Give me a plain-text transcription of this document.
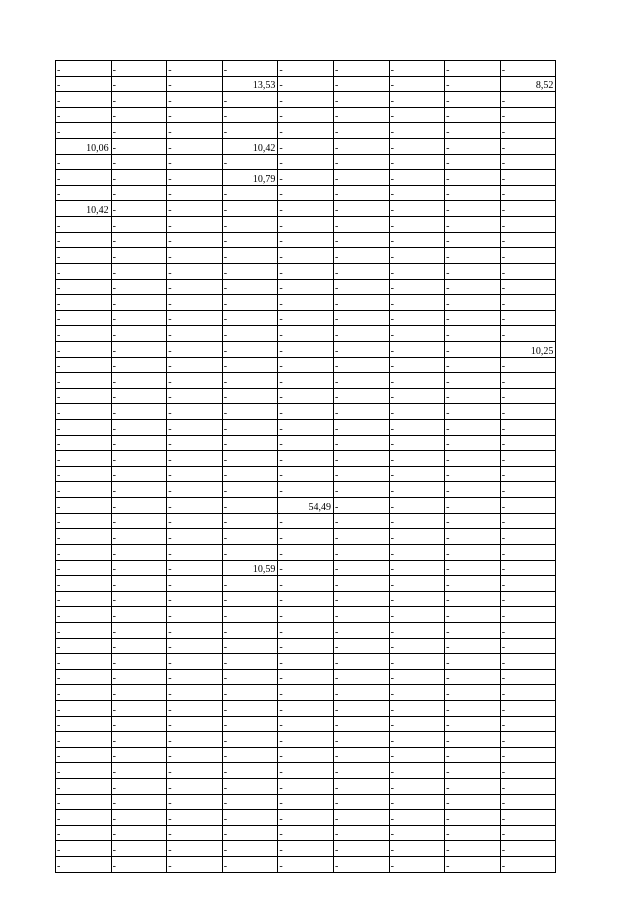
-	-	-	-	-	-	-	-	-
-	-	-	13,53	-	-	-	-	8,52
-	-	-	-	-	-	-	-	-
-	-	-	-	-	-	-	-	-
-	-	-	-	-	-	-	-	-
10,06	-	-	10,42	-	-	-	-	-
-	-	-	-	-	-	-	-	-
-	-	-	10,79	-	-	-	-	-
-	-	-	-	-	-	-	-	-
10,42	-	-	-	-	-	-	-	-
-	-	-	-	-	-	-	-	-
-	-	-	-	-	-	-	-	-
-	-	-	-	-	-	-	-	-
-	-	-	-	-	-	-	-	-
-	-	-	-	-	-	-	-	-
-	-	-	-	-	-	-	-	-
-	-	-	-	-	-	-	-	-
-	-	-	-	-	-	-	-	-
-	-	-	-	-	-	-	-	10,25
-	-	-	-	-	-	-	-	-
-	-	-	-	-	-	-	-	-
-	-	-	-	-	-	-	-	-
-	-	-	-	-	-	-	-	-
-	-	-	-	-	-	-	-	-
-	-	-	-	-	-	-	-	-
-	-	-	-	-	-	-	-	-
-	-	-	-	-	-	-	-	-
-	-	-	-	-	-	-	-	-
-	-	-	-	54,49	-	-	-	-
-	-	-	-	-	-	-	-	-
-	-	-	-	-	-	-	-	-
-	-	-	-	-	-	-	-	-
-	-	-	10,59	-	-	-	-	-
-	-	-	-	-	-	-	-	-
-	-	-	-	-	-	-	-	-
-	-	-	-	-	-	-	-	-
-	-	-	-	-	-	-	-	-
-	-	-	-	-	-	-	-	-
-	-	-	-	-	-	-	-	-
-	-	-	-	-	-	-	-	-
-	-	-	-	-	-	-	-	-
-	-	-	-	-	-	-	-	-
-	-	-	-	-	-	-	-	-
-	-	-	-	-	-	-	-	-
-	-	-	-	-	-	-	-	-
-	-	-	-	-	-	-	-	-
-	-	-	-	-	-	-	-	-
-	-	-	-	-	-	-	-	-
-	-	-	-	-	-	-	-	-
-	-	-	-	-	-	-	-	-
-	-	-	-	-	-	-	-	-
-	-	-	-	-	-	-	-	-
